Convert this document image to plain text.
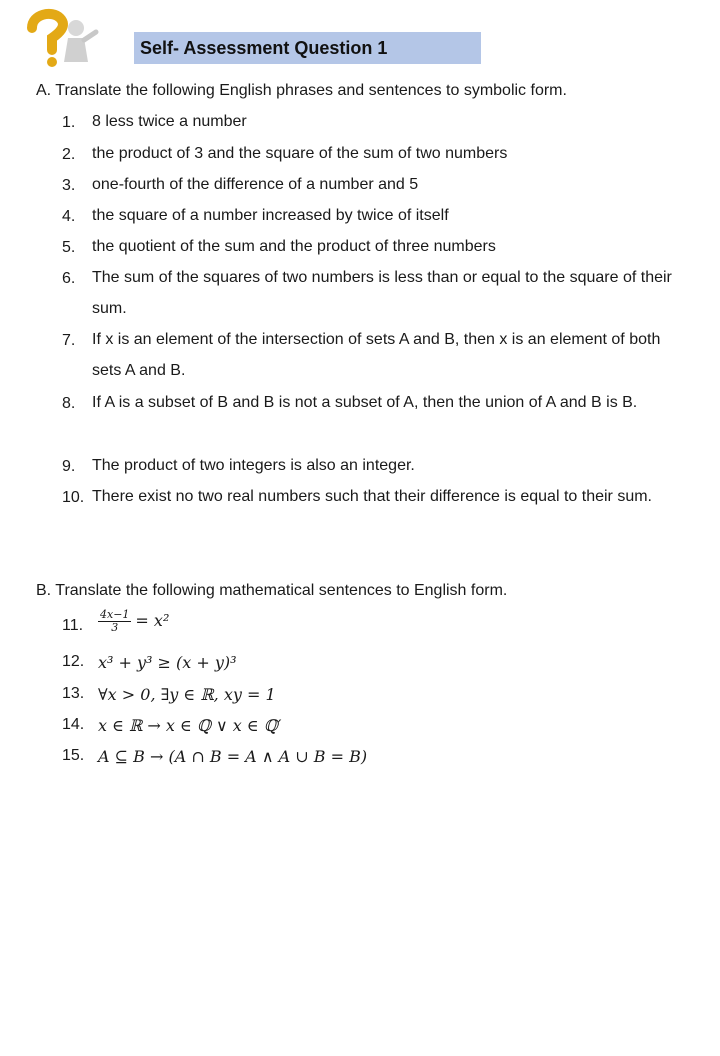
Self- Assessment Question 1
A. Translate the following English phrases and sentences to symbolic form.
1.	8 less twice a number
2.	the product of 3 and the square of the sum of two numbers
3.	one-fourth of the difference of a number and 5
4.	the square of a number increased by twice of itself
5.	the quotient of the sum and the product of three numbers
6.	The sum of the squares of two numbers is less than or equal to the square of their sum.
7.	If x is an element of the intersection of sets A and B, then x is an element of both sets A and B.
8.	If A is a subset of B and B is not a subset of A, then the union of A and B is B.
9.	The product of two integers is also an integer.
10. There exist no two real numbers such that their difference is equal to their sum.
B. Translate the following mathematical sentences to English form.
11. $\frac{4x-1}{3} = x^2$
12. x³ + y³ ≥ (x + y)³
13. ∀x > 0, ∃y ∈ ℝ, xy = 1
14. x ∈ ℝ → x ∈ ℚ ∨ x ∈ ℚ′
15. A ⊆ B → (A ∩ B = A ∧ A ∪ B = B)
